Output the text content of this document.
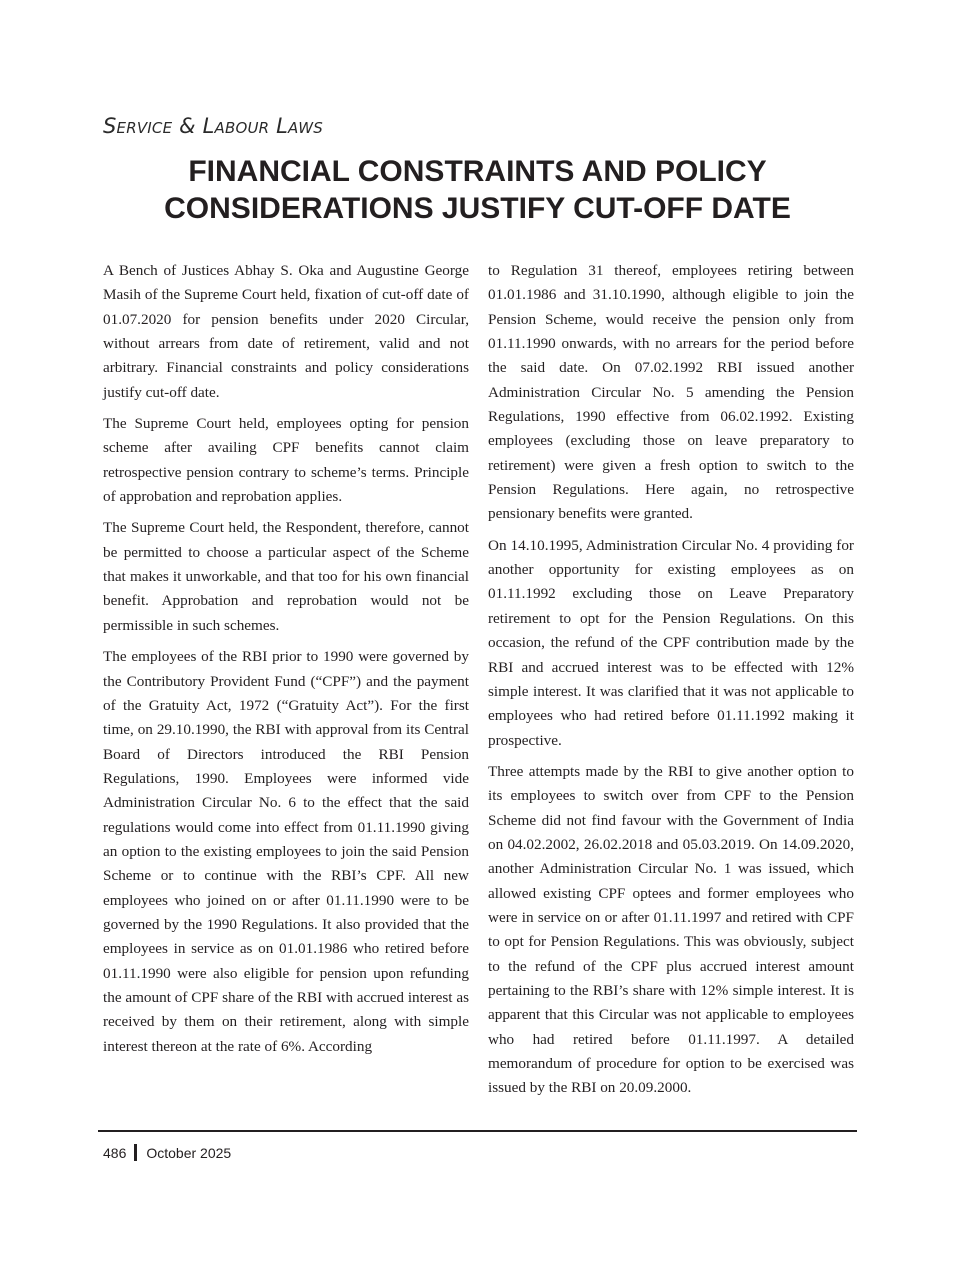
Service & Labour Laws
FINANCIAL CONSTRAINTS AND POLICY CONSIDERATIONS JUSTIFY CUT-OFF DATE

A Bench of Justices Abhay S. Oka and Augustine George Masih of the Supreme Court held, fixation of cut-off date of 01.07.2020 for pension benefits under 2020 Circular, without arrears from date of retirement, valid and not arbitrary. Financial constraints and policy considerations justify cut-off date.

The Supreme Court held, employees opting for pension scheme after availing CPF benefits cannot claim retrospective pension contrary to scheme’s terms. Principle of approbation and reprobation applies.

The Supreme Court held, the Respondent, therefore, cannot be permitted to choose a particular aspect of the Scheme that makes it unworkable, and that too for his own financial benefit. Approbation and reprobation would not be permissible in such schemes.

The employees of the RBI prior to 1990 were governed by the Contributory Provident Fund (“CPF”) and the payment of the Gratuity Act, 1972 (“Gratuity Act”). For the first time, on 29.10.1990, the RBI with approval from its Central Board of Directors introduced the RBI Pension Regulations, 1990. Employees were informed vide Administration Circular No. 6 to the effect that the said regulations would come into effect from 01.11.1990 giving an option to the existing employees to join the said Pension Scheme or to continue with the RBI’s CPF. All new employees who joined on or after 01.11.1990 were to be governed by the 1990 Regulations. It also provided that the employees in service as on 01.01.1986 who retired before 01.11.1990 were also eligible for pension upon refunding the amount of CPF share of the RBI with accrued interest as received by them on their retirement, along with simple interest thereon at the rate of 6%. According

to Regulation 31 thereof, employees retiring between 01.01.1986 and 31.10.1990, although eligible to join the Pension Scheme, would receive the pension only from 01.11.1990 onwards, with no arrears for the period before the said date. On 07.02.1992 RBI issued another Administration Circular No. 5 amending the Pension Regulations, 1990 effective from 06.02.1992. Existing employees (excluding those on leave preparatory to retirement) were given a fresh option to switch to the Pension Regulations. Here again, no retrospective pensionary benefits were granted.

On 14.10.1995, Administration Circular No. 4 providing for another opportunity for existing employees as on 01.11.1992 excluding those on Leave Preparatory retirement to opt for the Pension Regulations. On this occasion, the refund of the CPF contribution made by the RBI and accrued interest was to be effected with 12% simple interest. It was clarified that it was not applicable to employees who had retired before 01.11.1992 making it prospective.

Three attempts made by the RBI to give another option to its employees to switch over from CPF to the Pension Scheme did not find favour with the Government of India on 04.02.2002, 26.02.2018 and 05.03.2019. On 14.09.2020, another Administration Circular No. 1 was issued, which allowed existing CPF optees and former employees who were in service on or after 01.11.1997 and retired with CPF to opt for Pension Regulations. This was obviously, subject to the refund of the CPF plus accrued interest amount pertaining to the RBI’s share with 12% simple interest. It is apparent that this Circular was not applicable to employees who had retired before 01.11.1997. A detailed memorandum of procedure for option to be exercised was issued by the RBI on 20.09.2000.

486 October 2025
